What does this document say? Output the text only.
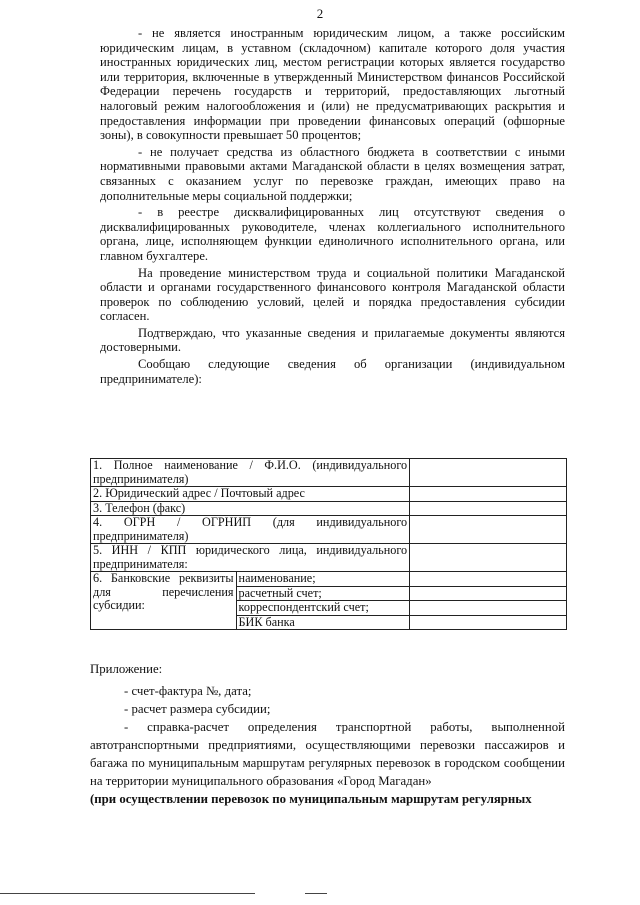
2

- не является иностранным юридическим лицом, а также российским юридическим лицам, в уставном (складочном) капитале которого доля участия иностранных юридических лиц, местом регистрации которых является государство или территория, включенные в утвержденный Министерством финансов Российской Федерации перечень государств и территорий, предоставляющих льготный налоговый режим налогообложения и (или) не предусматривающих раскрытия и предоставления информации при проведении финансовых операций (офшорные зоны), в совокупности превышает 50 процентов;

- не получает средства из областного бюджета в соответствии с иными нормативными правовыми актами Магаданской области в целях возмещения затрат, связанных с оказанием услуг по перевозке граждан, имеющих право на дополнительные меры социальной поддержки;

- в реестре дисквалифицированных лиц отсутствуют сведения о дисквалифицированных руководителе, членах коллегиального исполнительного органа, лице, исполняющем функции единоличного исполнительного органа, или главном бухгалтере.

На проведение министерством труда и социальной политики Магаданской области и органами государственного финансового контроля Магаданской области проверок по соблюдению условий, целей и порядка предоставления субсидии согласен.

Подтверждаю, что указанные сведения и прилагаемые документы являются достоверными.

Сообщаю следующие сведения об организации (индивидуальном предпринимателе):

1. Полное наименование / Ф.И.О. (индивидуального предпринимателя)		
2. Юридический адрес / Почтовый адрес		
3. Телефон (факс)		
4. ОГРН / ОГРНИП (для индивидуального предпринимателя)		
5. ИНН / КПП юридического лица, индивидуального предпринимателя:		
6. Банковские реквизиты для перечисления субсидии:	наименование;	
	расчетный счет;	
	корреспондентский счет;	
	БИК банка	

Приложение:

- счет-фактура №, дата;

- расчет размера субсидии;

- справка-расчет определения транспортной работы, выполненной автотранспортными предприятиями, осуществляющими перевозки пассажиров и багажа по муниципальным маршрутам регулярных перевозок в городском сообщении на территории муниципального образования «Город Магадан»

(при осуществлении перевозок по муниципальным маршрутам регулярных
